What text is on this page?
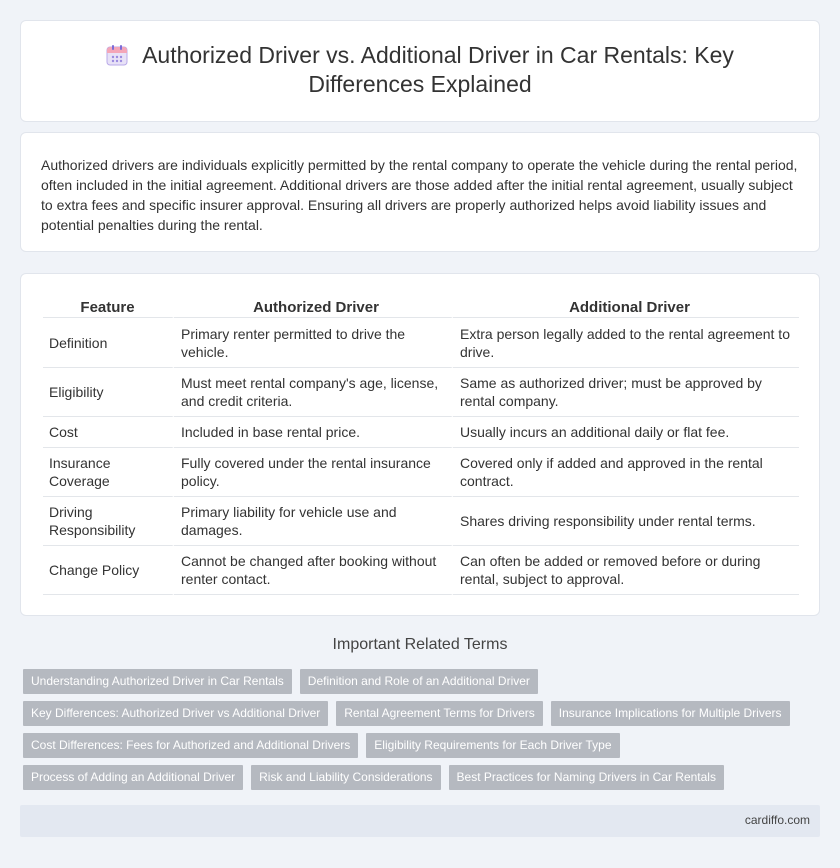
Authorized Driver vs. Additional Driver in Car Rentals: Key Differences Explained

Authorized drivers are individuals explicitly permitted by the rental company to operate the vehicle during the rental period, often included in the initial agreement. Additional drivers are those added after the initial rental agreement, usually subject to extra fees and specific insurer approval. Ensuring all drivers are properly authorized helps avoid liability issues and potential penalties during the rental.

Feature	Authorized Driver	Additional Driver
Definition	Primary renter permitted to drive the vehicle.	Extra person legally added to the rental agreement to drive.
Eligibility	Must meet rental company's age, license, and credit criteria.	Same as authorized driver; must be approved by rental company.
Cost	Included in base rental price.	Usually incurs an additional daily or flat fee.
Insurance Coverage	Fully covered under the rental insurance policy.	Covered only if added and approved in the rental contract.
Driving Responsibility	Primary liability for vehicle use and damages.	Shares driving responsibility under rental terms.
Change Policy	Cannot be changed after booking without renter contact.	Can often be added or removed before or during rental, subject to approval.
Important Related Terms
Understanding Authorized Driver in Car Rentals	Definition and Role of an Additional Driver
Key Differences: Authorized Driver vs Additional Driver	Rental Agreement Terms for Drivers	Insurance Implications for Multiple Drivers
Cost Differences: Fees for Authorized and Additional Drivers	Eligibility Requirements for Each Driver Type
Process of Adding an Additional Driver	Risk and Liability Considerations	Best Practices for Naming Drivers in Car Rentals
cardiffo.com
